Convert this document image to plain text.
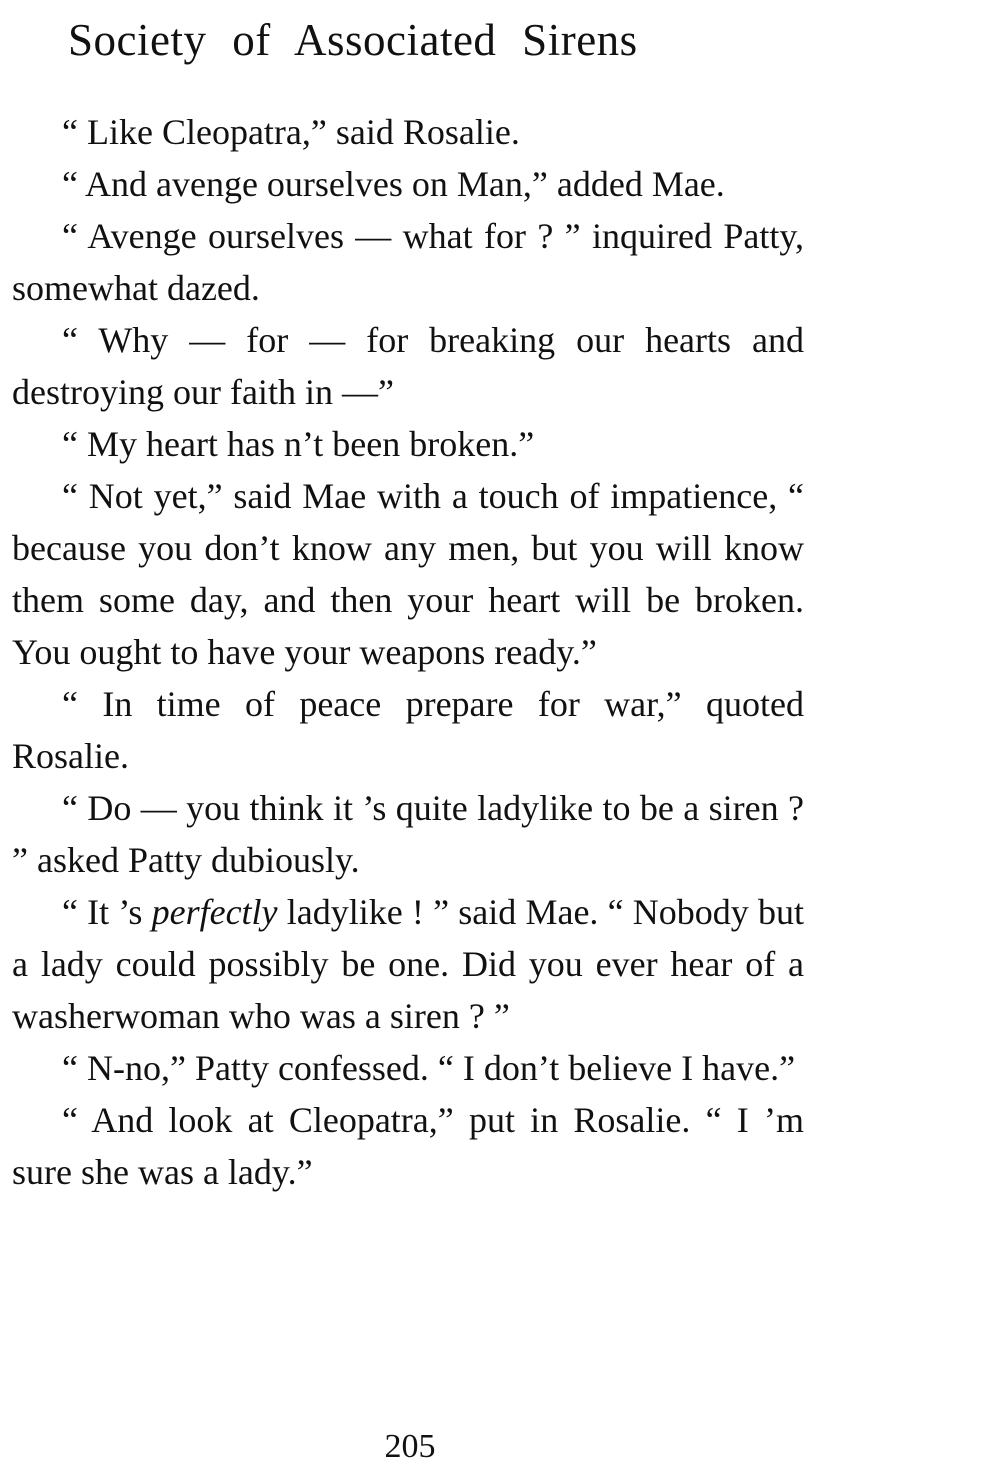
Society of Associated Sirens

“ Like Cleopatra,” said Rosalie.

“ And avenge ourselves on Man,” added Mae.

“ Avenge ourselves — what for ? ” inquired Patty, somewhat dazed.

“ Why — for — for breaking our hearts and destroying our faith in —”

“ My heart has n’t been broken.”

“ Not yet,” said Mae with a touch of impatience, “ because you don’t know any men, but you will know them some day, and then your heart will be broken. You ought to have your weapons ready.”

“ In time of peace prepare for war,” quoted Rosalie.

“ Do — you think it ’s quite ladylike to be a siren ? ” asked Patty dubiously.

“ It ’s perfectly ladylike ! ” said Mae. “ Nobody but a lady could possibly be one. Did you ever hear of a washerwoman who was a siren ? ”

“ N-no,” Patty confessed. “ I don’t believe I have.”

“ And look at Cleopatra,” put in Rosalie. “ I ’m sure she was a lady.”

205
